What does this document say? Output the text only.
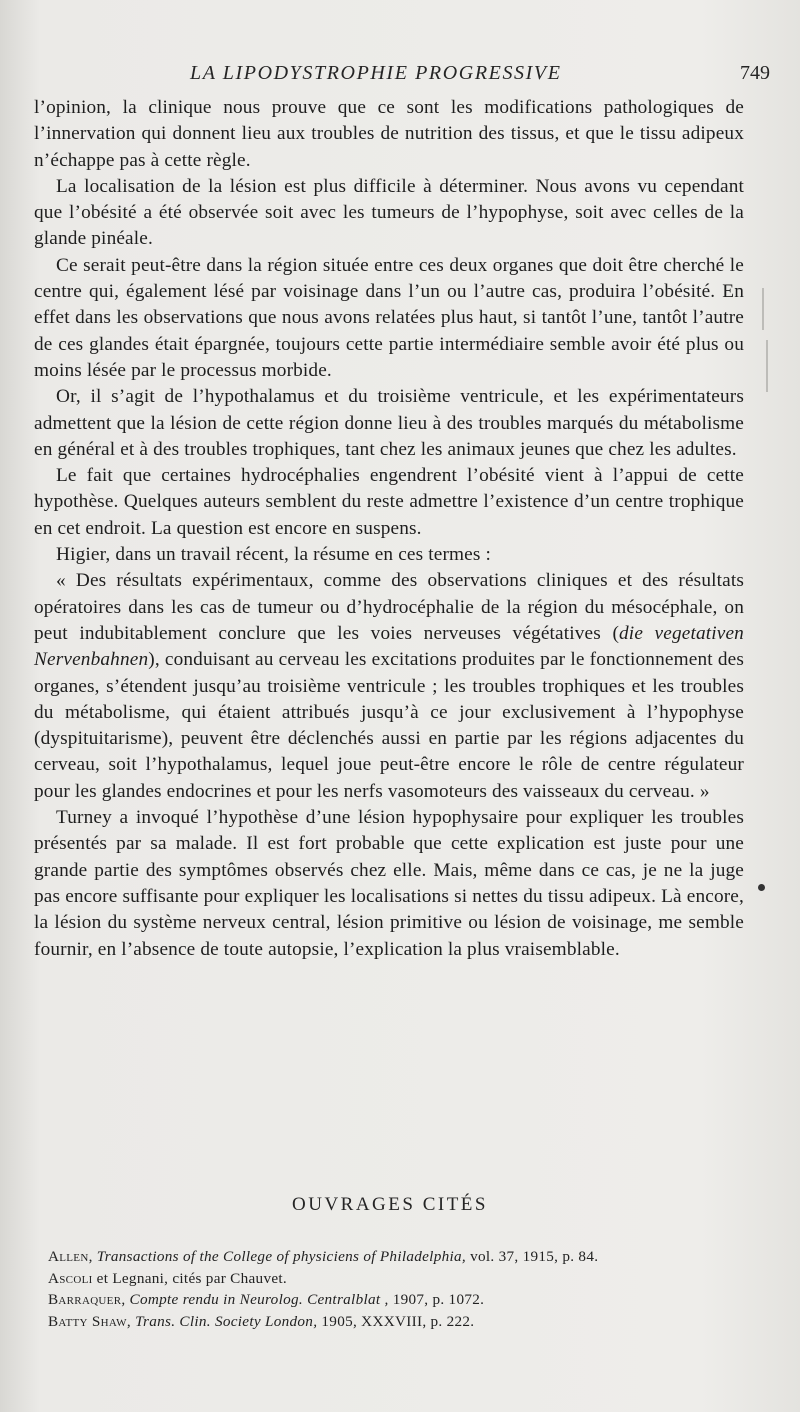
LA LIPODYSTROPHIE PROGRESSIVE	749

l’opinion, la clinique nous prouve que ce sont les modifications pathologiques de l’innervation qui donnent lieu aux troubles de nutrition des tissus, et que le tissu adipeux n’échappe pas à cette règle.

La localisation de la lésion est plus difficile à déterminer. Nous avons vu cependant que l’obésité a été observée soit avec les tumeurs de l’hypophyse, soit avec celles de la glande pinéale.

Ce serait peut-être dans la région située entre ces deux organes que doit être cherché le centre qui, également lésé par voisinage dans l’un ou l’autre cas, produira l’obésité. En effet dans les observations que nous avons relatées plus haut, si tantôt l’une, tantôt l’autre de ces glandes était épargnée, toujours cette partie intermédiaire semble avoir été plus ou moins lésée par le processus morbide.

Or, il s’agit de l’hypothalamus et du troisième ventricule, et les expérimentateurs admettent que la lésion de cette région donne lieu à des troubles marqués du métabolisme en général et à des troubles trophiques, tant chez les animaux jeunes que chez les adultes.

Le fait que certaines hydrocéphalies engendrent l’obésité vient à l’appui de cette hypothèse. Quelques auteurs semblent du reste admettre l’existence d’un centre trophique en cet endroit. La question est encore en suspens.

Higier, dans un travail récent, la résume en ces termes :

« Des résultats expérimentaux, comme des observations cliniques et des résultats opératoires dans les cas de tumeur ou d’hydrocéphalie de la région du mésocéphale, on peut indubitablement conclure que les voies nerveuses végétatives (die vegetativen Nervenbahnen), conduisant au cerveau les excitations produites par le fonctionnement des organes, s’étendent jusqu’au troisième ventricule ; les troubles trophiques et les troubles du métabolisme, qui étaient attribués jusqu’à ce jour exclusivement à l’hypophyse (dyspituitarisme), peuvent être déclenchés aussi en partie par les régions adjacentes du cerveau, soit l’hypothalamus, lequel joue peut-être encore le rôle de centre régulateur pour les glandes endocrines et pour les nerfs vasomoteurs des vaisseaux du cerveau. »

Turney a invoqué l’hypothèse d’une lésion hypophysaire pour expliquer les troubles présentés par sa malade. Il est fort probable que cette explication est juste pour une grande partie des symptômes observés chez elle. Mais, même dans ce cas, je ne la juge pas encore suffisante pour expliquer les localisations si nettes du tissu adipeux. Là encore, la lésion du système nerveux central, lésion primitive ou lésion de voisinage, me semble fournir, en l’absence de toute autopsie, l’explication la plus vraisemblable.

OUVRAGES CITÉS
Allen, Transactions of the College of physiciens of Philadelphia, vol. 37, 1915, p. 84.
Ascoli et Legnani, cités par Chauvet.
Barraquer, Compte rendu in Neurolog. Centralblat , 1907, p. 1072.
Batty Shaw, Trans. Clin. Society London, 1905, XXXVIII, p. 222.
